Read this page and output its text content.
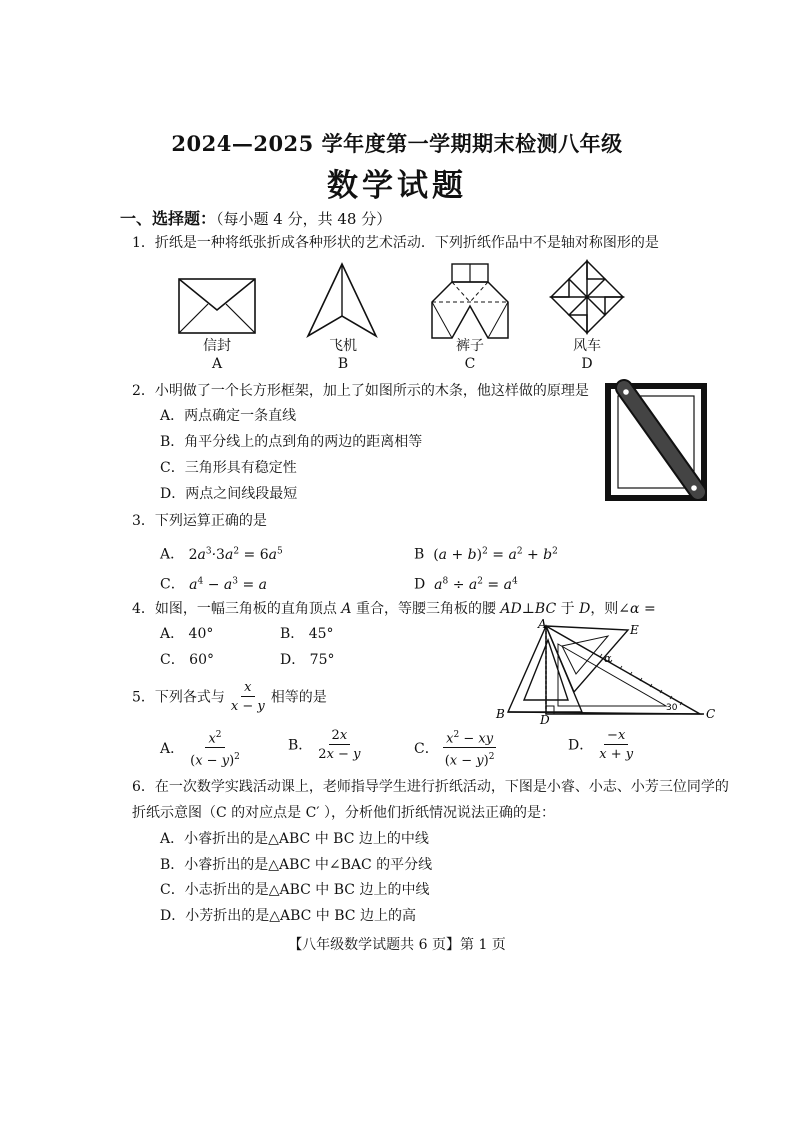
2024—2025 学年度第一学期期末检测八年级
数学试题
一、选择题：（每小题 4 分，共 48 分）
1．折纸是一种将纸张折成各种形状的艺术活动．下列折纸作品中不是轴对称图形的是
信封
A
飞机
B
裤子
C
风车
D
2．小明做了一个长方形框架，加上了如图所示的木条，他这样做的原理是
A．两点确定一条直线
B．角平分线上的点到角的两边的距离相等
C．三角形具有稳定性
D．两点之间线段最短
3．下列运算正确的是
A． $2a^3\cdot 3a^2 = 6a^5$	B $(a + b)^2 = a^2 + b^2$
C． $a^4 - a^3 = a$	D $a^8 \div a^2 = a^4$
4．如图，一幅三角板的直角顶点 A 重合，等腰三角板的腰 AD⊥BC 于 D，则∠α =
A． 40°	B． 45°
C． 60°	D． 75°
A	E
α
B	D	C
30
5．下列各式与 $\frac{x}{x - y}$ 相等的是
A． $\frac{x^2}{(x - y)^2}$	B． $\frac{2x}{2x - y}$	C． $\frac{x^2 - xy}{(x - y)^2}$	D． $\frac{-x}{x + y}$
6．在一次数学实践活动课上，老师指导学生进行折纸活动，下图是小睿、小志、小芳三位同学的
折纸示意图（C 的对应点是 C′ ），分析他们折纸情况说法正确的是：
A．小睿折出的是△ABC 中 BC 边上的中线
B．小睿折出的是△ABC 中∠BAC 的平分线
C．小志折出的是△ABC 中 BC 边上的中线
D．小芳折出的是△ABC 中 BC 边上的高
【八年级数学试题共 6 页】第 1 页
